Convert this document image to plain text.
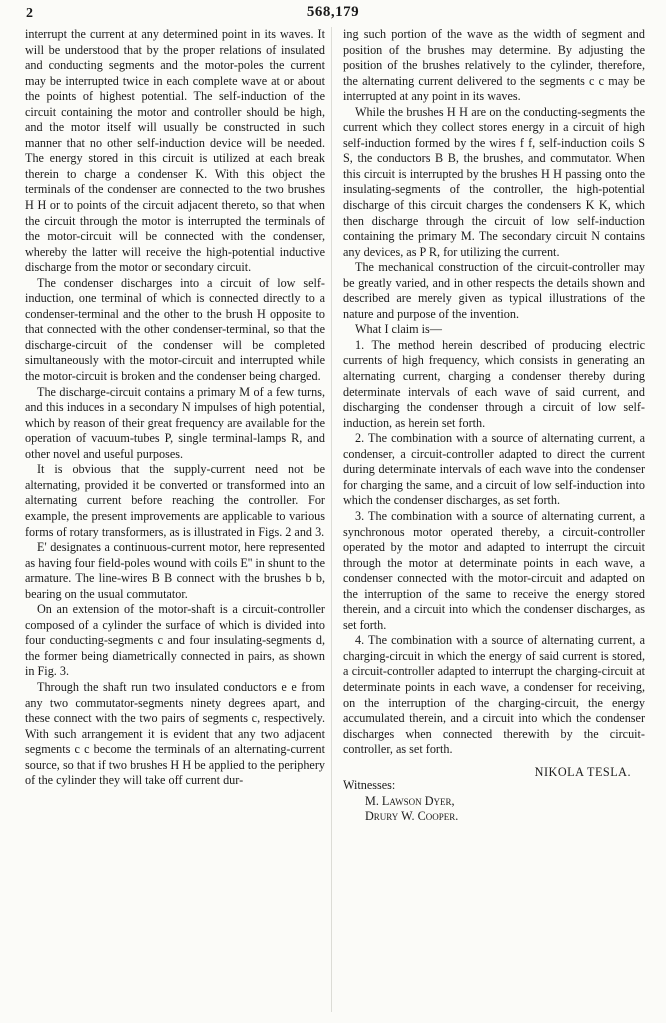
2	568,179

interrupt the current at any determined point in its waves. It will be understood that by the proper relations of insulated and conducting segments and the motor-poles the current may be interrupted twice in each complete wave at or about the points of highest potential. The self-induction of the circuit containing the motor and controller should be high, and the motor itself will usually be constructed in such manner that no other self-induction device will be needed. The energy stored in this circuit is utilized at each break therein to charge a condenser K. With this object the terminals of the condenser are connected to the two brushes H H or to points of the circuit adjacent thereto, so that when the circuit through the motor is interrupted the terminals of the motor-circuit will be connected with the condenser, whereby the latter will receive the high-potential inductive discharge from the motor or secondary circuit.

The condenser discharges into a circuit of low self-induction, one terminal of which is connected directly to a condenser-terminal and the other to the brush H opposite to that connected with the other condenser-terminal, so that the discharge-circuit of the condenser will be completed simultaneously with the motor-circuit and interrupted while the motor-circuit is broken and the condenser being charged.

The discharge-circuit contains a primary M of a few turns, and this induces in a secondary N impulses of high potential, which by reason of their great frequency are available for the operation of vacuum-tubes P, single terminal-lamps R, and other novel and useful purposes.

It is obvious that the supply-current need not be alternating, provided it be converted or transformed into an alternating current before reaching the controller. For example, the present improvements are applicable to various forms of rotary transformers, as is illustrated in Figs. 2 and 3.

E' designates a continuous-current motor, here represented as having four field-poles wound with coils E'' in shunt to the armature. The line-wires B B connect with the brushes b b, bearing on the usual commutator.

On an extension of the motor-shaft is a circuit-controller composed of a cylinder the surface of which is divided into four conducting-segments c and four insulating-segments d, the former being diametrically connected in pairs, as shown in Fig. 3.

Through the shaft run two insulated conductors e e from any two commutator-segments ninety degrees apart, and these connect with the two pairs of segments c, respectively. With such arrangement it is evident that any two adjacent segments c c become the terminals of an alternating-current source, so that if two brushes H H be applied to the periphery of the cylinder they will take off current dur-

ing such portion of the wave as the width of segment and position of the brushes may determine. By adjusting the position of the brushes relatively to the cylinder, therefore, the alternating current delivered to the segments c c may be interrupted at any point in its waves.

While the brushes H H are on the conducting-segments the current which they collect stores energy in a circuit of high self-induction formed by the wires f f, self-induction coils S S, the conductors B B, the brushes, and commutator. When this circuit is interrupted by the brushes H H passing onto the insulating-segments of the controller, the high-potential discharge of this circuit charges the condensers K K, which then discharge through the circuit of low self-induction containing the primary M. The secondary circuit N contains any devices, as P R, for utilizing the current.

The mechanical construction of the circuit-controller may be greatly varied, and in other respects the details shown and described are merely given as typical illustrations of the nature and purpose of the invention.

What I claim is—

1. The method herein described of producing electric currents of high frequency, which consists in generating an alternating current, charging a condenser thereby during determinate intervals of each wave of said current, and discharging the condenser through a circuit of low self-induction, as herein set forth.

2. The combination with a source of alternating current, a condenser, a circuit-controller adapted to direct the current during determinate intervals of each wave into the condenser for charging the same, and a circuit of low self-induction into which the condenser discharges, as set forth.

3. The combination with a source of alternating current, a synchronous motor operated thereby, a circuit-controller operated by the motor and adapted to interrupt the circuit through the motor at determinate points in each wave, a condenser connected with the motor-circuit and adapted on the interruption of the same to receive the energy stored therein, and a circuit into which the condenser discharges, as set forth.

4. The combination with a source of alternating current, a charging-circuit in which the energy of said current is stored, a circuit-controller adapted to interrupt the charging-circuit at determinate points in each wave, a condenser for receiving, on the interruption of the charging-circuit, the energy accumulated therein, and a circuit into which the condenser discharges when connected therewith by the circuit-controller, as set forth.

NIKOLA TESLA.
Witnesses:
M. Lawson Dyer,
Drury W. Cooper.
